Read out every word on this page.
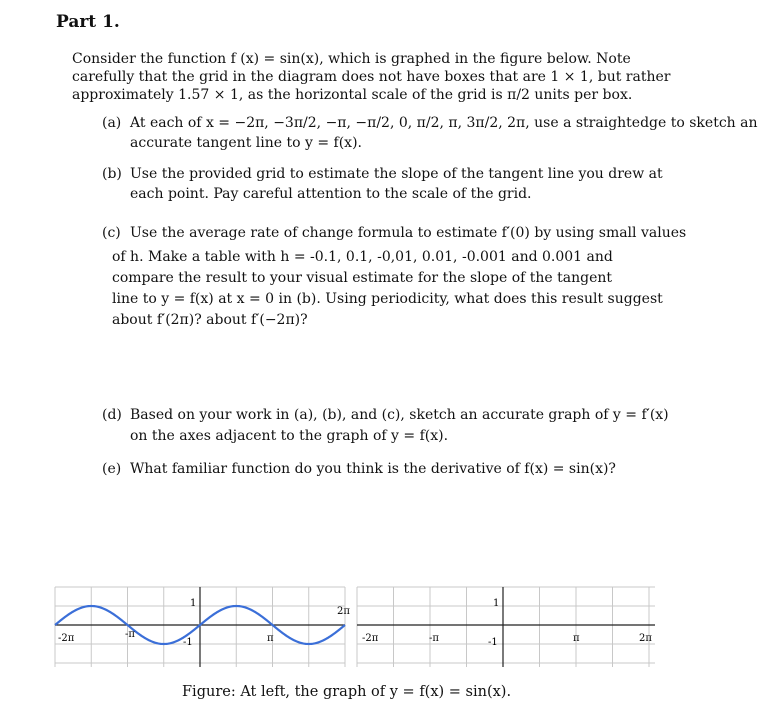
Part 1.
Consider the function f (x) = sin(x), which is graphed in the figure below. Note
carefully that the grid in the diagram does not have boxes that are 1 × 1, but rather
approximately 1.57 × 1, as the horizontal scale of the grid is π/2 units per box.
(a) At each of x = −2π, −3π/2, −π, −π/2, 0, π/2, π, 3π/2, 2π, use a straightedge to sketch an
accurate tangent line to y = f(x).
(b) Use the provided grid to estimate the slope of the tangent line you drew at
each point. Pay careful attention to the scale of the grid.
(c) Use the average rate of change formula to estimate f′(0) by using small values
of h. Make a table with h = -0.1, 0.1, -0,01, 0.01, -0.001 and 0.001 and
compare the result to your visual estimate for the slope of the tangent
line to y = f(x) at x = 0 in (b). Using periodicity, what does this result suggest
about f′(2π)? about f′(−2π)?
(d) Based on your work in (a), (b), and (c), sketch an accurate graph of y = f′(x)
on the axes adjacent to the graph of y = f(x).
(e) What familiar function do you think is the derivative of f(x) = sin(x)?
-2π	-π	π
2π
1
-1	-2π	-π	π	2π
1
-1
Figure: At left, the graph of y = f(x) = sin(x).
